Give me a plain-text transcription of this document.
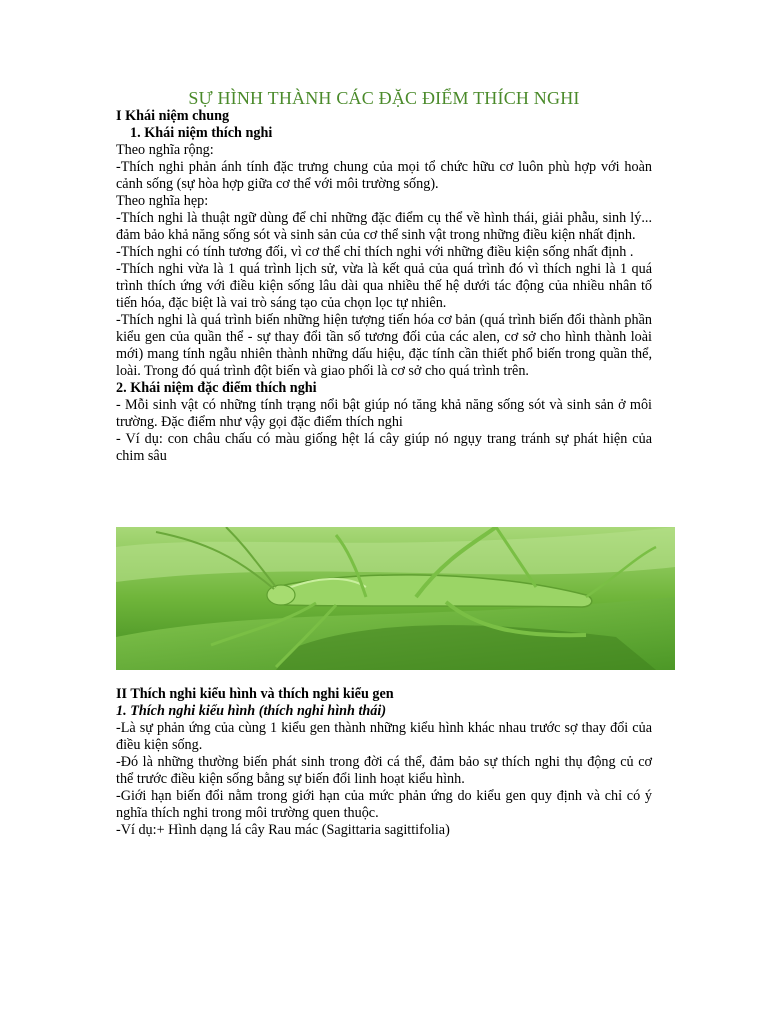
SỰ HÌNH THÀNH CÁC ĐẶC ĐIỂM THÍCH NGHI

I Khái niệm chung

1. Khái niệm thích nghi

Theo nghĩa rộng:

-Thích nghi phản ánh tính đặc trưng chung của mọi tổ chức hữu cơ luôn phù hợp với hoàn cảnh sống (sự hòa hợp giữa cơ thể với môi trường sống).

Theo nghĩa hẹp:

-Thích nghi là thuật ngữ dùng để chỉ những đặc điểm cụ thể về hình thái, giải phẫu, sinh lý... đảm bảo khả năng sống sót và sinh sản của cơ thể sinh vật trong những điều kiện nhất định.

-Thích nghi có tính tương đối, vì cơ thể chỉ thích nghi với những điều kiện sống nhất định .

-Thích nghi vừa là 1 quá trình lịch sử, vừa là kết quả của quá trình đó vì thích nghi là 1 quá trình thích ứng với điều kiện sống lâu dài qua nhiều thế hệ dưới tác động của nhiều nhân tố tiến hóa, đặc biệt là vai trò sáng tạo của chọn lọc tự nhiên.

-Thích nghi là quá trình biến những hiện tượng tiến hóa cơ bản (quá trình biến đổi thành phần kiểu gen của quần thể - sự thay đổi tần số tương đối của các alen, cơ sở cho hình thành loài mới) mang tính ngẫu nhiên thành những dấu hiệu, đặc tính cần thiết phổ biến trong quần thể, loài. Trong đó quá trình đột biến và giao phối là cơ sở cho quá trình trên.

2. Khái niệm đặc điểm thích nghi

- Mỗi sinh vật có những tính trạng nổi bật giúp nó tăng khả năng sống sót và sinh sản ở môi trường. Đặc điểm như vậy gọi đặc điểm thích nghi

- Ví dụ: con châu chấu có màu giống hệt lá cây giúp nó ngụy trang tránh sự phát hiện của chim sâu

II Thích nghi kiểu hình và thích nghi kiểu gen

1. Thích nghi kiểu hình (thích nghi hình thái)

-Là sự phản ứng của cùng 1 kiểu gen thành những kiểu hình khác nhau trước sợ thay đổi của điều kiện sống.

-Đó là những thường biến phát sinh trong đời cá thể, đảm bảo sự thích nghi thụ động củ cơ thể trước điều kiện sống bằng sự biến đổi linh hoạt kiểu hình.

-Giới hạn biến đổi nằm trong giới hạn của mức phản ứng do kiểu gen quy định và chỉ có ý nghĩa thích nghi trong môi trường quen thuộc.

-Ví dụ:+ Hình dạng lá cây Rau mác (Sagittaria sagittifolia)
